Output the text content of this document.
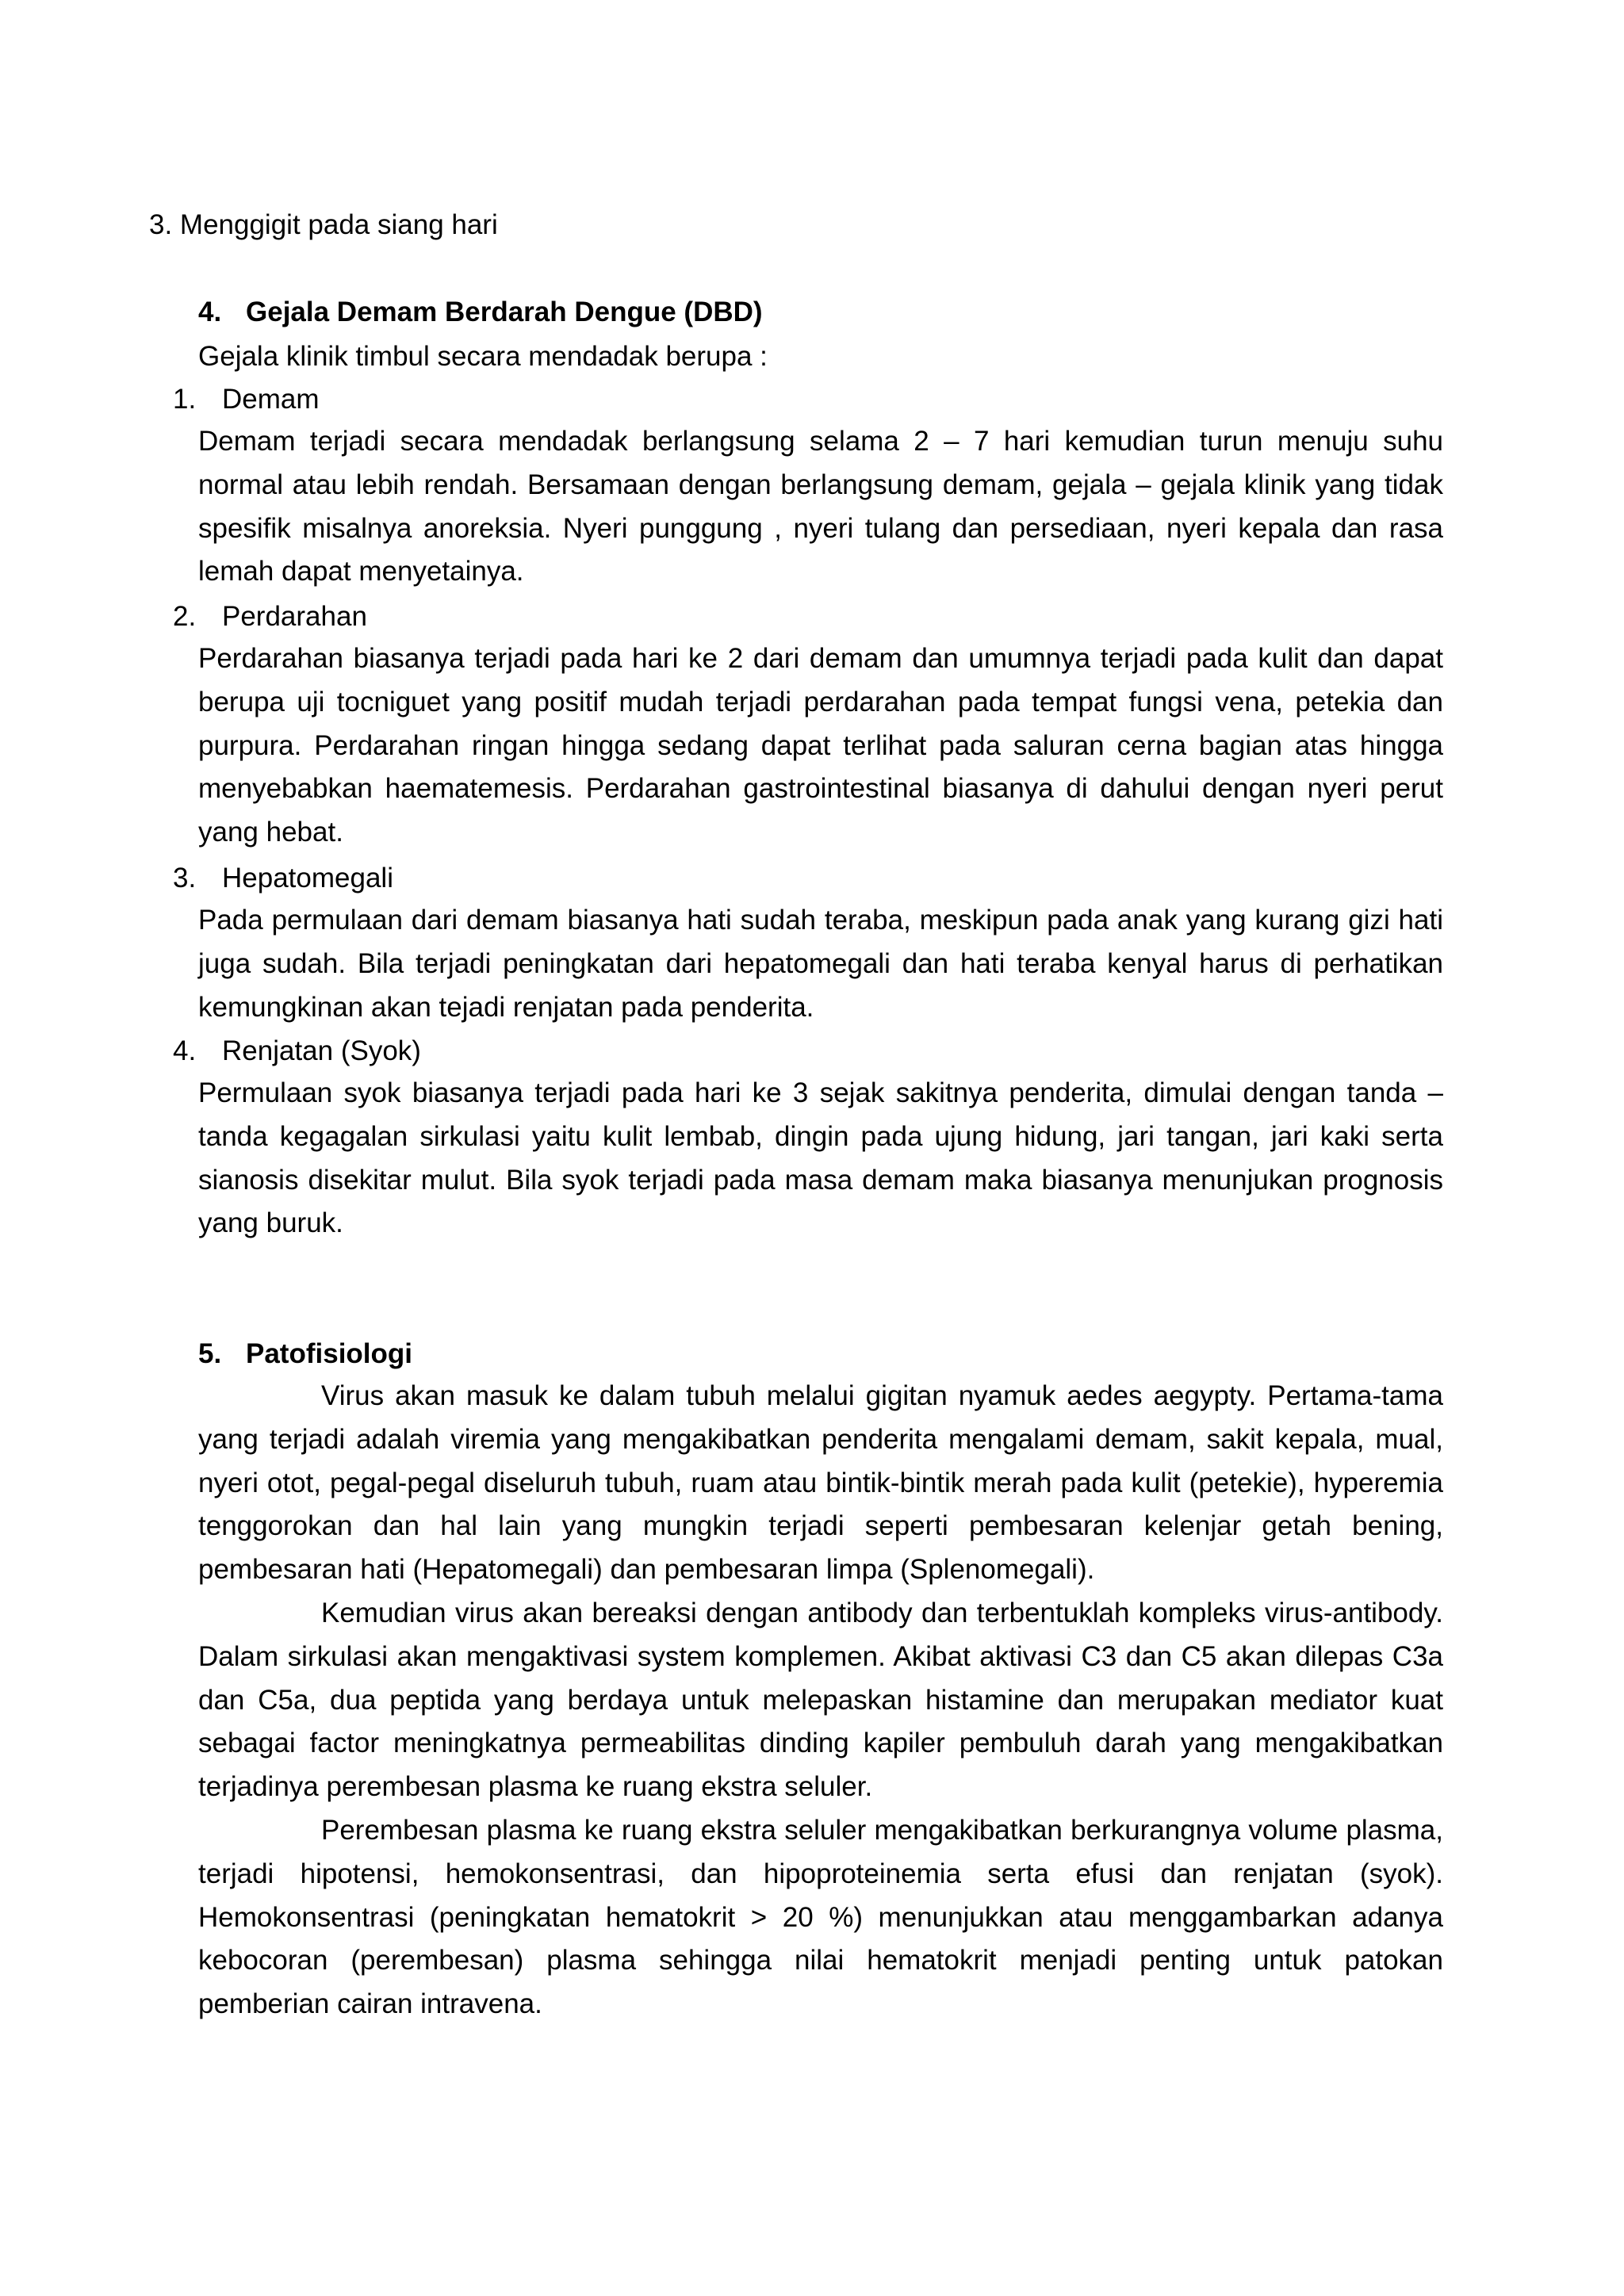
3. Menggigit pada siang hari
4. Gejala Demam Berdarah Dengue (DBD)
Gejala klinik timbul secara mendadak berupa :
1. Demam
Demam terjadi secara mendadak berlangsung selama 2 – 7 hari kemudian turun menuju suhu normal atau lebih rendah. Bersamaan dengan berlangsung demam, gejala – gejala klinik yang tidak spesifik misalnya anoreksia. Nyeri punggung , nyeri tulang dan persediaan, nyeri kepala dan rasa lemah dapat menyetainya.
2. Perdarahan
Perdarahan biasanya terjadi pada hari ke 2 dari demam dan umumnya terjadi pada kulit dan dapat berupa uji tocniguet yang positif mudah terjadi perdarahan pada tempat fungsi vena, petekia dan purpura. Perdarahan ringan hingga sedang dapat terlihat pada saluran cerna bagian atas hingga menyebabkan haematemesis. Perdarahan gastrointestinal biasanya di dahului dengan nyeri perut yang hebat.
3. Hepatomegali
Pada permulaan dari demam biasanya hati sudah teraba, meskipun pada anak yang kurang gizi hati juga sudah. Bila terjadi peningkatan dari hepatomegali dan hati teraba kenyal harus di perhatikan kemungkinan akan tejadi renjatan pada penderita.
4. Renjatan (Syok)
Permulaan syok biasanya terjadi pada hari ke 3 sejak sakitnya penderita, dimulai dengan tanda – tanda kegagalan sirkulasi yaitu kulit lembab, dingin pada ujung hidung, jari tangan, jari kaki serta sianosis disekitar mulut. Bila syok terjadi pada masa demam maka biasanya menunjukan prognosis yang buruk.
5. Patofisiologi
Virus akan masuk ke dalam tubuh melalui gigitan nyamuk aedes aegypty. Pertama-tama yang terjadi adalah viremia yang mengakibatkan penderita mengalami demam, sakit kepala, mual, nyeri otot, pegal-pegal diseluruh tubuh, ruam atau bintik-bintik merah pada kulit (petekie), hyperemia tenggorokan dan hal lain yang mungkin terjadi seperti pembesaran kelenjar getah bening, pembesaran hati (Hepatomegali) dan pembesaran limpa (Splenomegali).
Kemudian virus akan bereaksi dengan antibody dan terbentuklah kompleks virus-antibody. Dalam sirkulasi akan mengaktivasi system komplemen. Akibat aktivasi C3 dan C5 akan dilepas C3a dan C5a, dua peptida yang berdaya untuk melepaskan histamine dan merupakan mediator kuat sebagai factor meningkatnya permeabilitas dinding kapiler pembuluh darah yang mengakibatkan terjadinya perembesan plasma ke ruang ekstra seluler.
Perembesan plasma ke ruang ekstra seluler mengakibatkan berkurangnya volume plasma, terjadi hipotensi, hemokonsentrasi, dan hipoproteinemia serta efusi dan renjatan (syok). Hemokonsentrasi (peningkatan hematokrit > 20 %) menunjukkan atau menggambarkan adanya kebocoran (perembesan) plasma sehingga nilai hematokrit menjadi penting untuk patokan pemberian cairan intravena.
